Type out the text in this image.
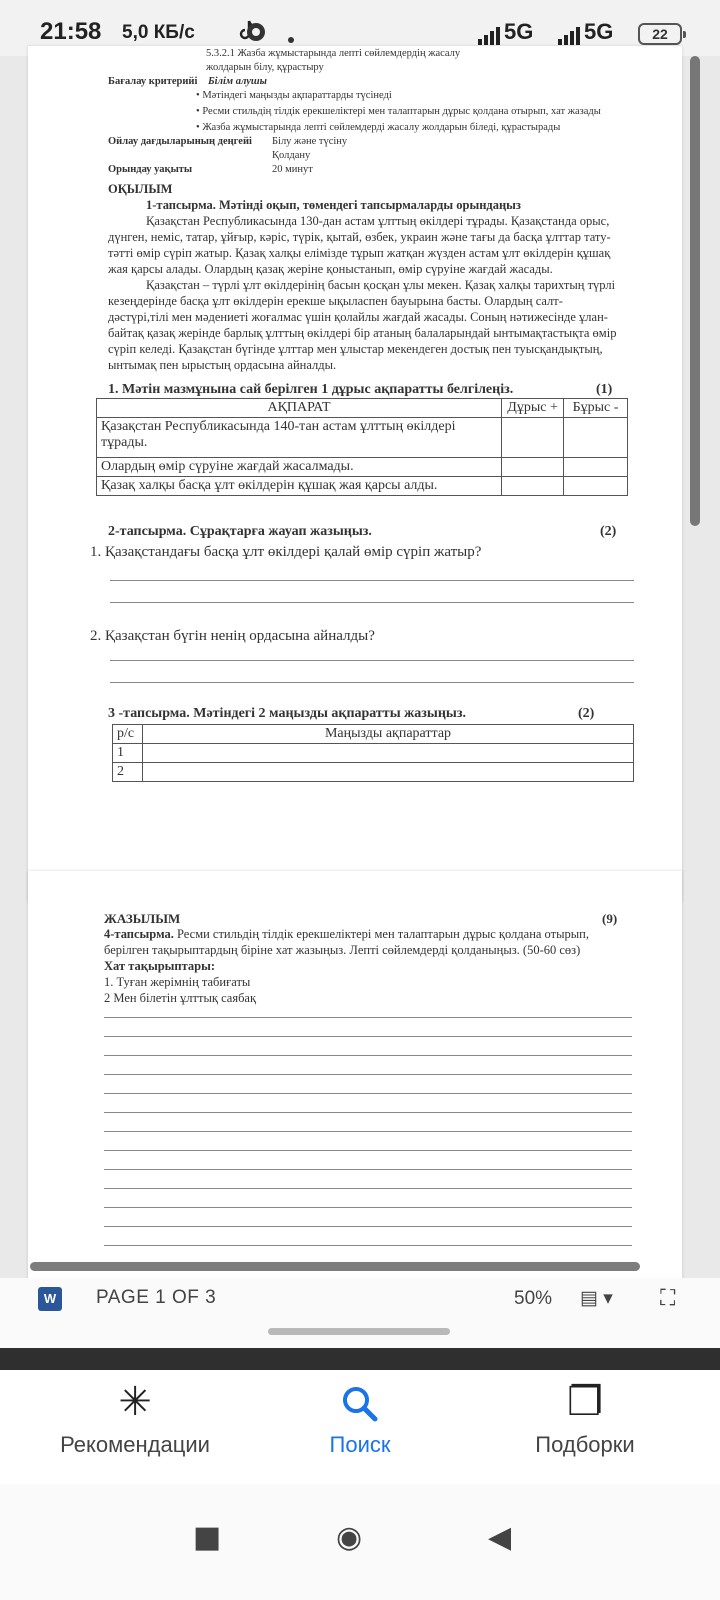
21:58 5,0 КБ/с	5G	5G	22
5.3.2.1 Жазба жұмыстарында лепті сөйлемдердің жасалу
жолдарын білу, құрастыру
Бағалау критерийі Білім алушы
• Мәтіндегі маңызды ақпараттарды түсінеді
• Ресми стильдің тілдік ерекшеліктері мен талаптарын дұрыс қолдана отырып, хат жазады
• Жазба жұмыстарында лепті сөйлемдерді жасалу жолдарын біледі, құрастырады
Ойлау дағдыларының деңгейі Білу және түсіну
Қолдану
Орындау уақыты	20 минут
ОҚЫЛЫМ
1-тапсырма. Мәтінді оқып, төмендегі тапсырмаларды орындаңыз
Қазақстан Республикасында 130-дан астам ұлттың өкілдері тұрады. Қазақстанда орыс,
дүнген, неміс, татар, ұйғыр, кәріс, түрік, қытай, өзбек, украин және тағы да басқа ұлттар тату-
тәтті өмір сүріп жатыр. Қазақ халқы еліміздe тұрып жатқан жүзден астам ұлт өкілдерін құшақ
жая қарсы алады. Олардың қазақ жеріне қоныстанып, өмір сүруіне жағдай жасады.
Қазақстан – түрлі ұлт өкілдерінің басын қосқан ұлы мекен. Қазақ халқы тарихтың түрлі
кезеңдерінде басқа ұлт өкілдерін ерекше ықыласпен бауырына басты. Олардың салт-
дәстүрі,тілі мен мәдениеті жоғалмас үшін қолайлы жағдай жасады. Соның нәтижесінде ұлан-
байтақ қазақ жерінде барлық ұлттың өкілдері бір атаның балаларындай ынтымақтастықта өмір
сүріп келеді. Қазақстан бүгінде ұлттар мен ұлыстар мекендеген достық пен туысқандықтың,
ынтымақ пен ырыстың ордасына айналды.
1. Мәтін мазмұнына сай берілген 1 дұрыс ақпаратты белгілеңіз.	(1)
АҚПАРАТ	Дұрыс +	Бұрыс -
Қазақстан Республикасында 140-тан астам ұлттың өкілдері тұрады.		
Олардың өмір сүруіне жағдай жасалмады.		
Қазақ халқы басқа ұлт өкілдерін құшақ жая қарсы алды.		
2-тапсырма. Сұрақтарға жауап жазыңыз.	(2)
1. Қазақстандағы басқа ұлт өкілдері қалай өмір сүріп жатыр?
2. Қазақстан бүгін ненің ордасына айналды?
3 -тапсырма. Мәтіндегі 2 маңызды ақпаратты жазыңыз.	(2)
р/с	Маңызды ақпараттар
1	
2	
ЖАЗЫЛЫМ	(9)
4-тапсырма. Ресми стильдің тілдік ерекшеліктері мен талаптарын дұрыс қолдана отырып,
берілген тақырыптардың біріне хат жазыңыз. Лепті сөйлемдерді қолданыңыз. (50-60 сөз)
Хат тақырыптары:
1. Туған жерімнің табиғаты
2 Мен білетін ұлттық саябақ
W	PAGE 1 OF 3	50% ▤ ▾ ⛶
✳
Рекомендации	Поиск
❐
Подборки
■	◉	◀
